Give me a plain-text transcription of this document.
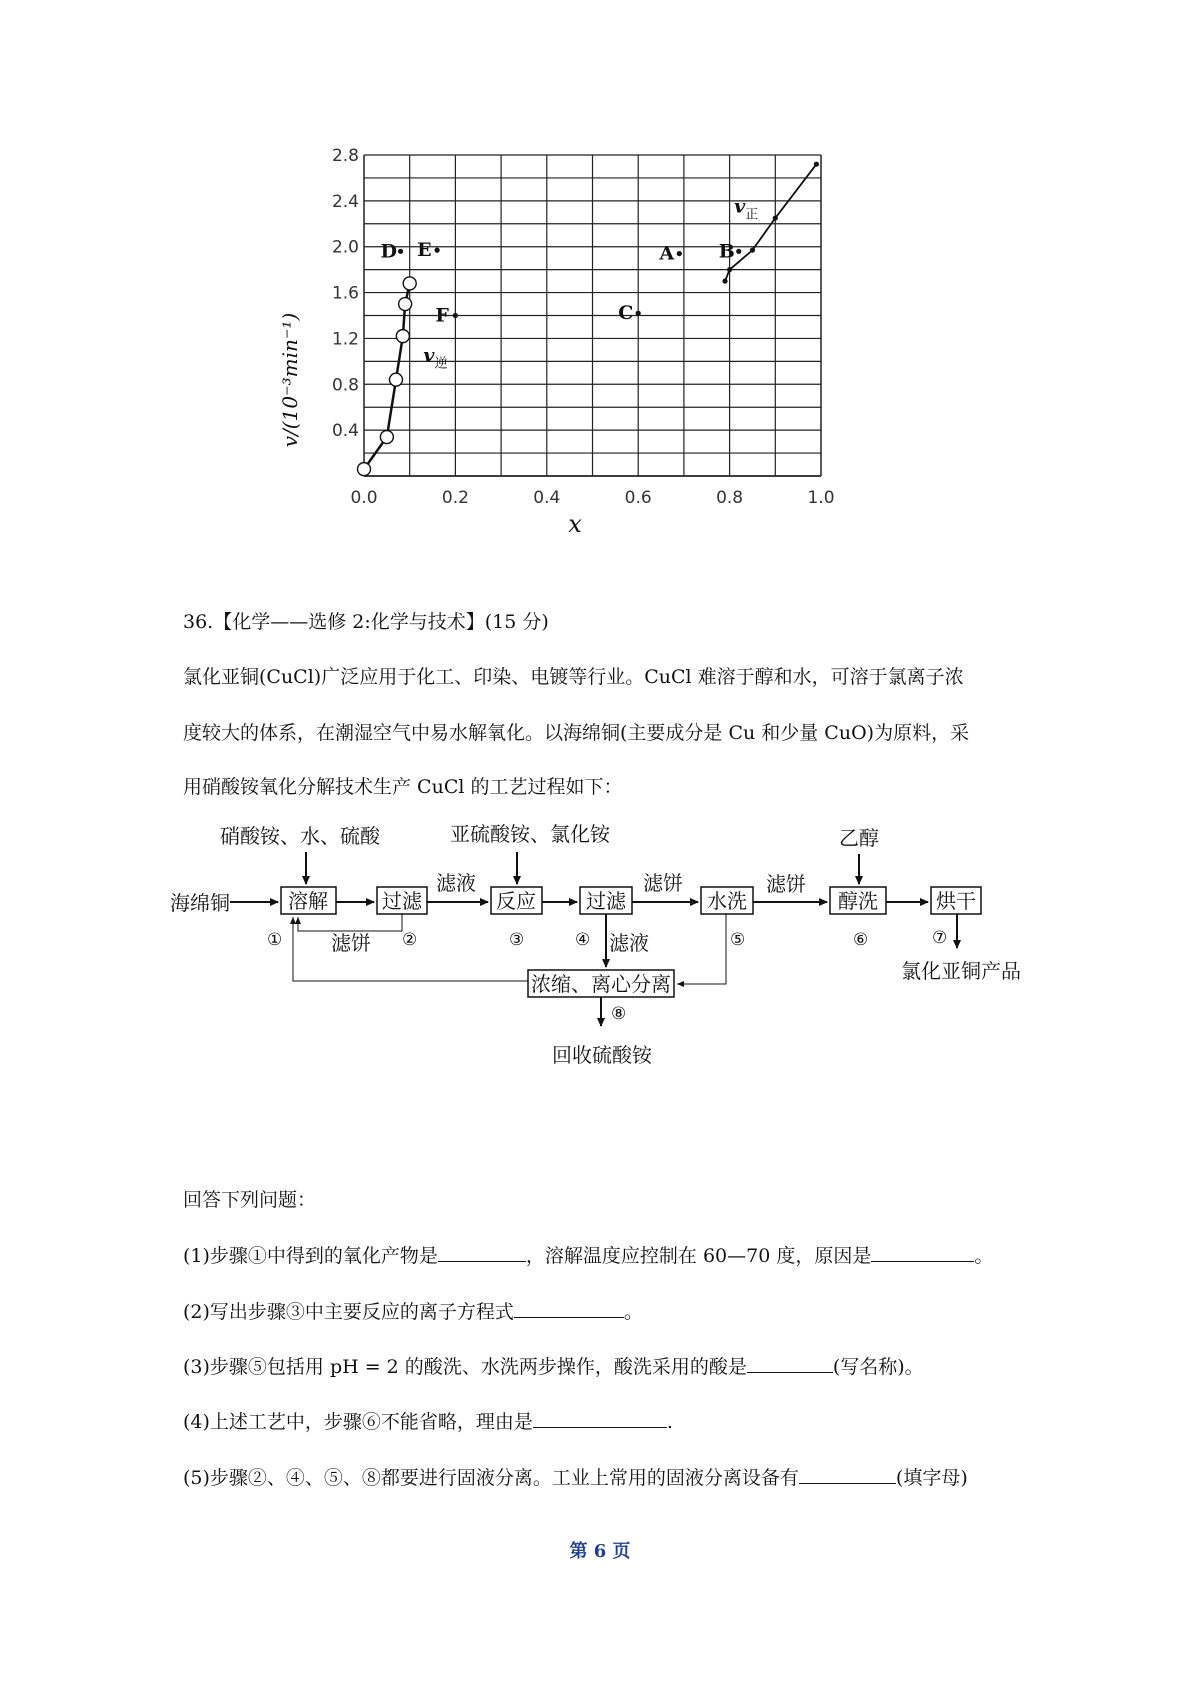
0.0	0.2	0.4	0.6	0.8	1.0
0.4
0.8
1.2
1.6
2.0
2.4
2.8
$v_逆$
$v_正$
A B
C
D E
F
v/(10⁻³min⁻¹)
x
36.【化学——选修 2:化学与技术】(15 分)
氯化亚铜(CuCl)广泛应用于化工、印染、电镀等行业。CuCl 难溶于醇和水，可溶于氯离子浓
度较大的体系，在潮湿空气中易水解氧化。以海绵铜(主要成分是 Cu 和少量 CuO)为原料，采
用硝酸铵氧化分解技术生产 CuCl 的工艺过程如下：
硝酸铵、水、硫酸	亚硫酸铵、氯化铵	乙醇
海绵铜	溶解	过滤	反应	过滤	水洗	醇洗	烘干
浓缩、离心分离
滤液
滤饼
滤饼	滤饼
滤液
①	②	③	④	⑤	⑥	⑦
⑧
氯化亚铜产品
回收硫酸铵
回答下列问题：
(1)步骤①中得到的氧化产物是	，溶解温度应控制在 60—70 度，原因是	。
(2)写出步骤③中主要反应的离子方程式	。
(3)步骤⑤包括用 pH = 2 的酸洗、水洗两步操作，酸洗采用的酸是	(写名称)。
(4)上述工艺中，步骤⑥不能省略，理由是	.
(5)步骤②、④、⑤、⑧都要进行固液分离。工业上常用的固液分离设备有	(填字母)
第 6 页
